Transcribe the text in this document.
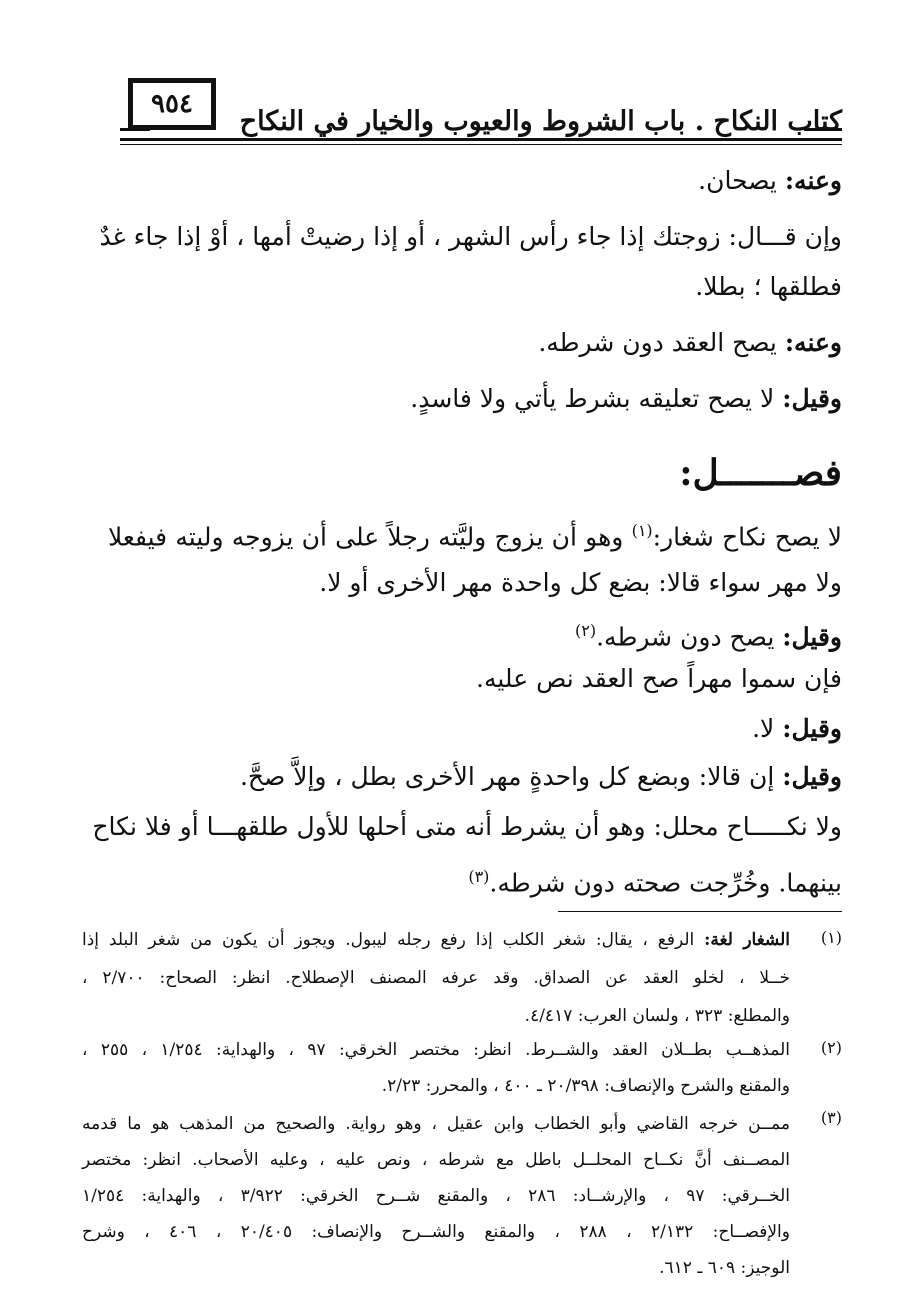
٩٥٤
كتاب النكاح . باب الشروط والعيوب والخيار في النكاح
وعنه: يصحان.
وإن قـــال: زوجتك إذا جاء رأس الشهر ، أو إذا رضيتْ أمها ، أوْ إذا جاء غدٌ
فطلقها ؛ بطلا.
وعنه: يصح العقد دون شرطه.
وقيل: لا يصح تعليقه بشرط يأتي ولا فاسدٍ.
فصـــــــل:
لا يصح نكاح شغار:$^{(١)}$ وهو أن يزوج وليَّته رجلاً على أن يزوجه وليته فيفعلا
ولا مهر سواء قالا: بضع كل واحدة مهر الأخرى أو لا.
وقيل: يصح دون شرطه.$^{(٢)}$
فإن سموا مهراً صح العقد نص عليه.
وقيل: لا.
وقيل: إن قالا: وبضع كل واحدةٍ مهر الأخرى بطل ، وإلاَّ صحَّ.
ولا نكـــــاح محلل: وهو أن يشرط أنه متى أحلها للأول طلقهـــا أو فلا نكاح
بينهما. وخُرِّجت صحته دون شرطه.$^{(٣)}$
(١)
الشغار لغة: الرفع ، يقال: شغر الكلب إذا رفع رجله ليبول. ويجوز أن يكون من شغر البلد إذا
خــلا ، لخلو العقد عن الصداق. وقد عرفه المصنف الإصطلاح. انظر: الصحاح: ٢/٧٠٠ ،
والمطلع: ٣٢٣ ، ولسان العرب: ٤/٤١٧.
(٢)
المذهــب بطــلان العقد والشــرط. انظر: مختصر الخرقي: ٩٧ ، والهداية: ١/٢٥٤ ، ٢٥٥ ،
والمقنع والشرح والإنصاف: ٢٠/٣٩٨ ـ ٤٠٠ ، والمحرر: ٢/٢٣.
(٣)
ممــن خرجه القاضي وأبو الخطاب وابن عقيل ، وهو رواية. والصحيح من المذهب هو ما قدمه
المصــنف أنَّ نكــاح المحلــل باطل مع شرطه ، ونص عليه ، وعليه الأصحاب. انظر: مختصر
الخــرقي: ٩٧ ، والإرشــاد: ٢٨٦ ، والمقنع شــرح الخرقي: ٣/٩٢٢ ، والهداية: ١/٢٥٤
والإفصــاح: ٢/١٣٢ ، ٢٨٨ ، والمقنع والشــرح والإنصاف: ٢٠/٤٠٥ ، ٤٠٦ ، وشرح
الوجيز: ٦٠٩ ـ ٦١٢.
